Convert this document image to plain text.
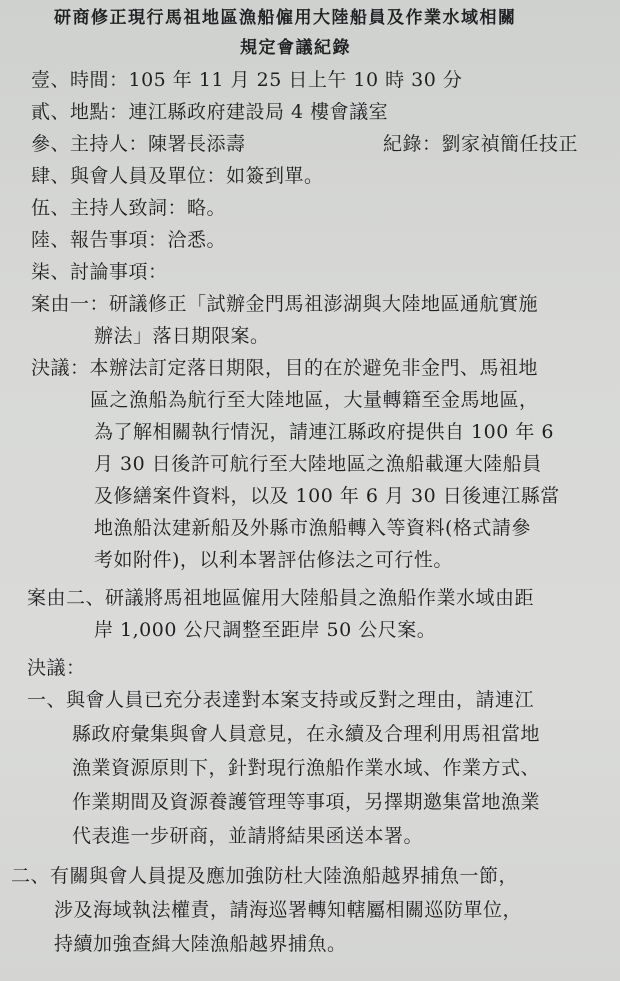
研商修正現行馬祖地區漁船僱用大陸船員及作業水域相關
規定會議紀錄
壹、時間：105 年 11 月 25 日上午 10 時 30 分
貳、地點：連江縣政府建設局 4 樓會議室
參、主持人：陳署長添壽	紀錄：劉家禎簡任技正
肆、與會人員及單位：如簽到單。
伍、主持人致詞：略。
陸、報告事項：洽悉。
柒、討論事項：
案由一：研議修正「試辦金門馬祖澎湖與大陸地區通航實施
辦法」落日期限案。
決議：本辦法訂定落日期限，目的在於避免非金門、馬祖地
區之漁船為航行至大陸地區，大量轉籍至金馬地區，
為了解相關執行情況，請連江縣政府提供自 100 年 6
月 30 日後許可航行至大陸地區之漁船載運大陸船員
及修繕案件資料，以及 100 年 6 月 30 日後連江縣當
地漁船汰建新船及外縣市漁船轉入等資料(格式請參
考如附件)，以利本署評估修法之可行性。
案由二、研議將馬祖地區僱用大陸船員之漁船作業水域由距
岸 1,000 公尺調整至距岸 50 公尺案。
決議：
一、與會人員已充分表達對本案支持或反對之理由，請連江
縣政府彙集與會人員意見，在永續及合理利用馬祖當地
漁業資源原則下，針對現行漁船作業水域、作業方式、
作業期間及資源養護管理等事項，另擇期邀集當地漁業
代表進一步研商，並請將結果函送本署。
二、有關與會人員提及應加強防杜大陸漁船越界捕魚一節，
涉及海域執法權責，請海巡署轉知轄屬相關巡防單位，
持續加強查緝大陸漁船越界捕魚。
